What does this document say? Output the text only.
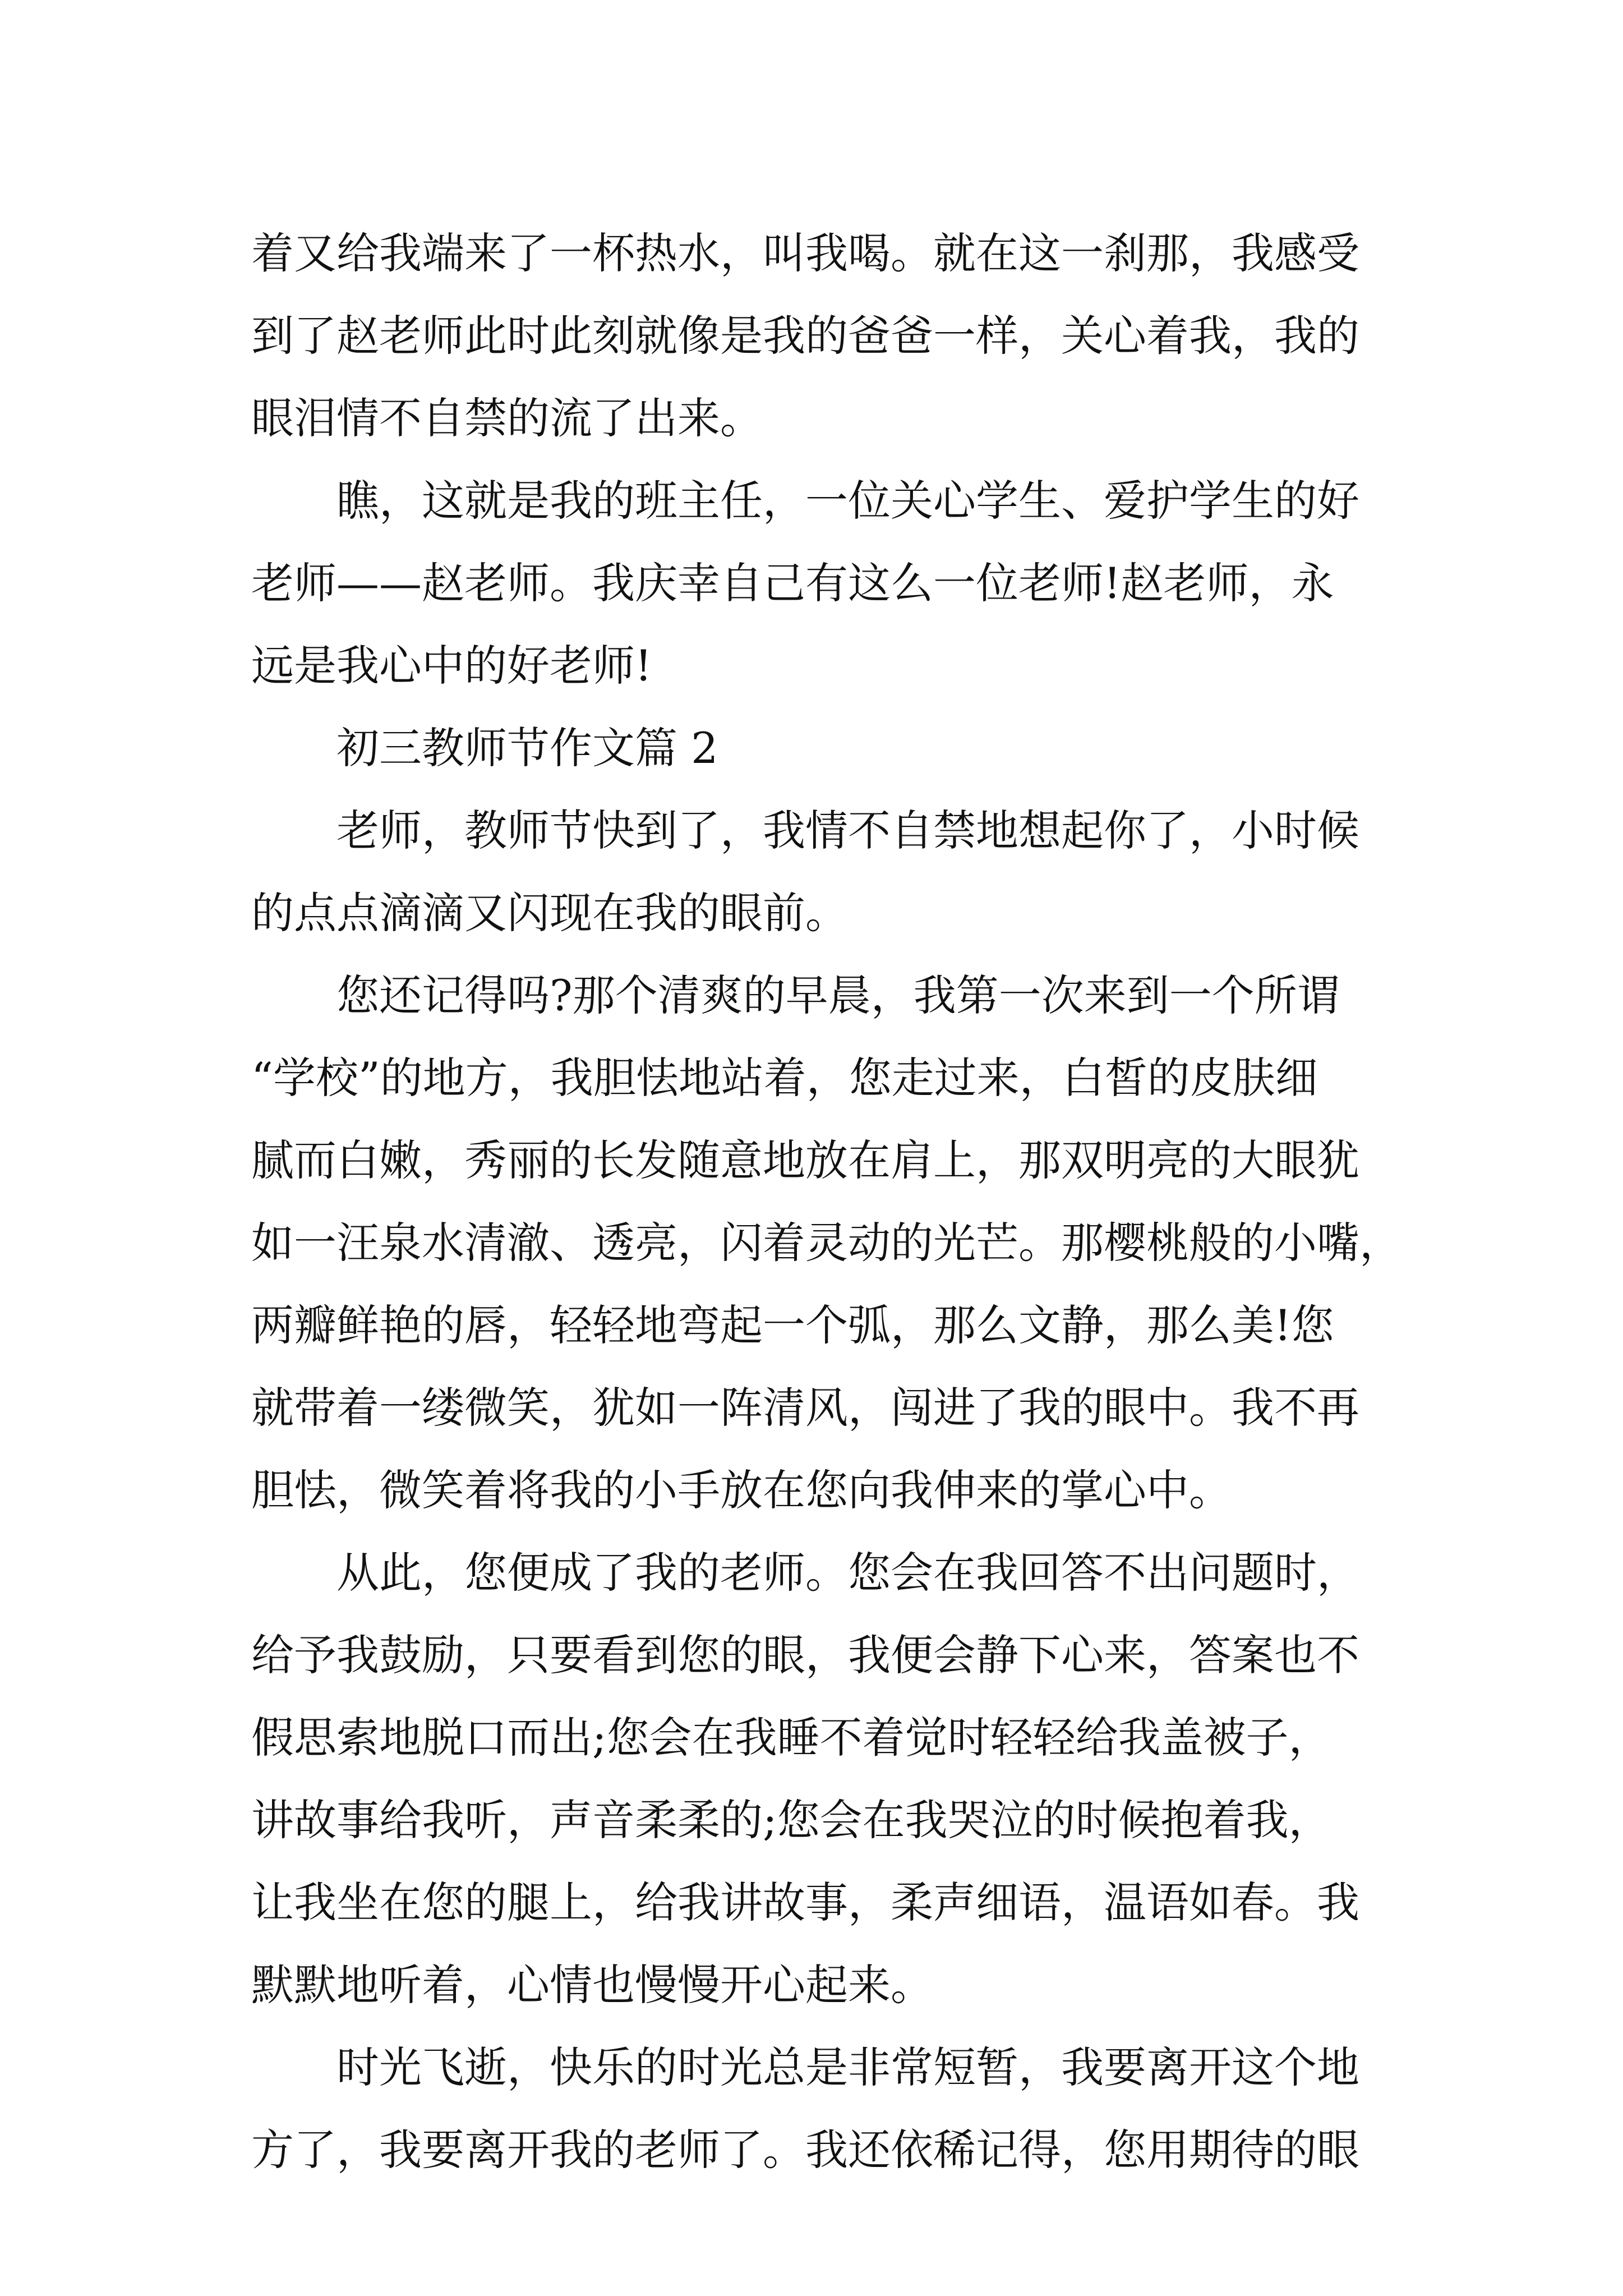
着又给我端来了一杯热水，叫我喝。就在这一刹那，我感受
到了赵老师此时此刻就像是我的爸爸一样，关心着我，我的
眼泪情不自禁的流了出来。
　　瞧，这就是我的班主任，一位关心学生、爱护学生的好
老师——赵老师。我庆幸自己有这么一位老师!赵老师，永
远是我心中的好老师!
　　初三教师节作文篇 2
　　老师，教师节快到了，我情不自禁地想起你了，小时候
的点点滴滴又闪现在我的眼前。
　　您还记得吗?那个清爽的早晨，我第一次来到一个所谓
“学校”的地方，我胆怯地站着，您走过来，白皙的皮肤细
腻而白嫩，秀丽的长发随意地放在肩上，那双明亮的大眼犹
如一汪泉水清澈、透亮，闪着灵动的光芒。那樱桃般的小嘴，
两瓣鲜艳的唇，轻轻地弯起一个弧，那么文静，那么美!您
就带着一缕微笑，犹如一阵清风，闯进了我的眼中。我不再
胆怯，微笑着将我的小手放在您向我伸来的掌心中。
　　从此，您便成了我的老师。您会在我回答不出问题时，
给予我鼓励，只要看到您的眼，我便会静下心来，答案也不
假思索地脱口而出;您会在我睡不着觉时轻轻给我盖被子，
讲故事给我听，声音柔柔的;您会在我哭泣的时候抱着我，
让我坐在您的腿上，给我讲故事，柔声细语，温语如春。我
默默地听着，心情也慢慢开心起来。
　　时光飞逝，快乐的时光总是非常短暂，我要离开这个地
方了，我要离开我的老师了。我还依稀记得，您用期待的眼
